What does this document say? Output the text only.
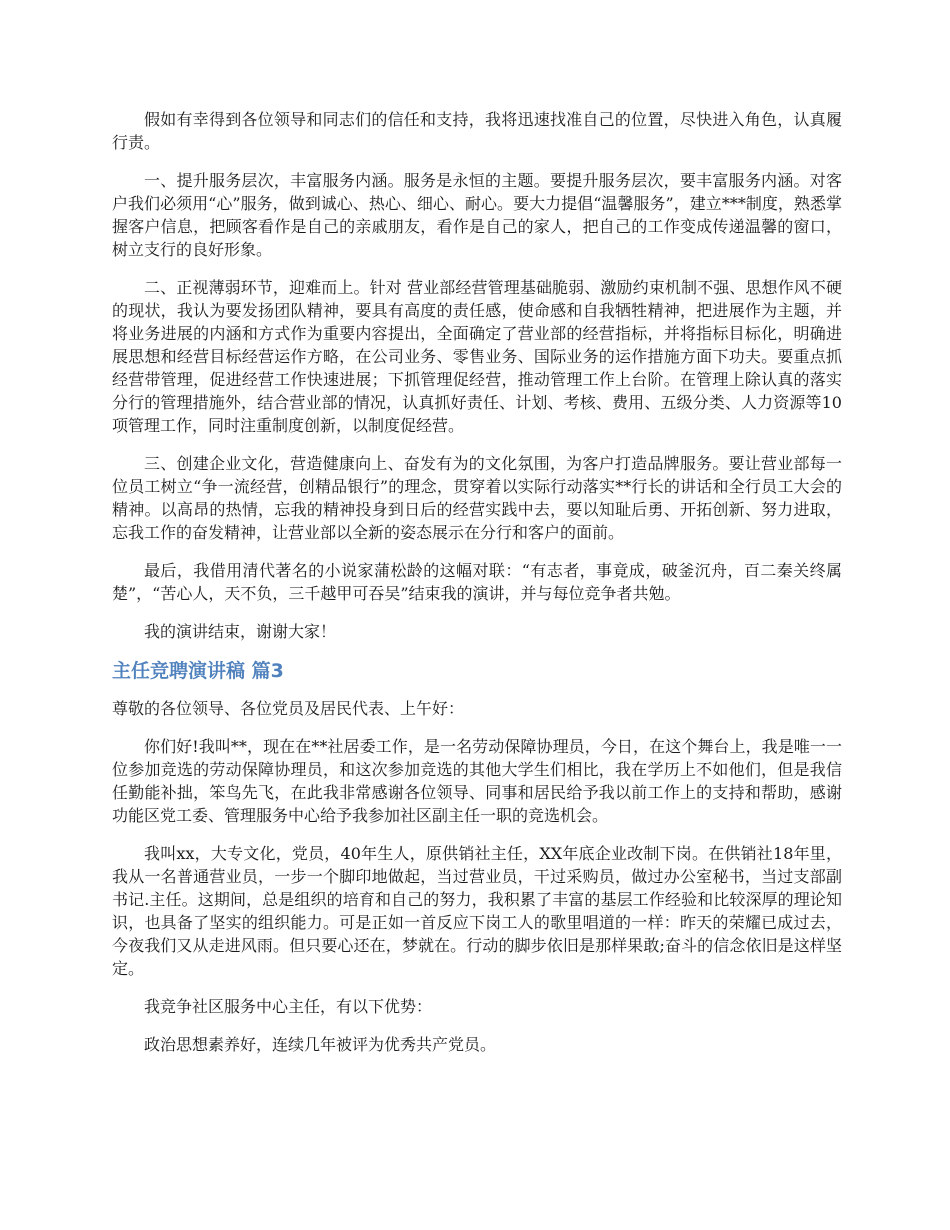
假如有幸得到各位领导和同志们的信任和支持，我将迅速找准自己的位置，尽快进入角色，认真履行责。

一、提升服务层次，丰富服务内涵。服务是永恒的主题。要提升服务层次，要丰富服务内涵。对客户我们必须用“心”服务，做到诚心、热心、细心、耐心。要大力提倡“温馨服务”，建立***制度，熟悉掌握客户信息，把顾客看作是自己的亲戚朋友，看作是自己的家人，把自己的工作变成传递温馨的窗口，树立支行的良好形象。

二、正视薄弱环节，迎难而上。针对 营业部经营管理基础脆弱、激励约束机制不强、思想作风不硬的现状，我认为要发扬团队精神，要具有高度的责任感，使命感和自我牺牲精神，把进展作为主题，并将业务进展的内涵和方式作为重要内容提出，全面确定了营业部的经营指标，并将指标目标化，明确进展思想和经营目标经营运作方略，在公司业务、零售业务、国际业务的运作措施方面下功夫。要重点抓经营带管理，促进经营工作快速进展；下抓管理促经营，推动管理工作上台阶。在管理上除认真的落实分行的管理措施外，结合营业部的情况，认真抓好责任、计划、考核、费用、五级分类、人力资源等10项管理工作，同时注重制度创新，以制度促经营。

三、创建企业文化，营造健康向上、奋发有为的文化氛围，为客户打造品牌服务。要让营业部每一位员工树立“争一流经营，创精品银行”的理念，贯穿着以实际行动落实**行长的讲话和全行员工大会的精神。以高昂的热情，忘我的精神投身到日后的经营实践中去，要以知耻后勇、开拓创新、努力进取，忘我工作的奋发精神，让营业部以全新的姿态展示在分行和客户的面前。

最后，我借用清代著名的小说家蒲松龄的这幅对联：“有志者，事竟成，破釜沉舟，百二秦关终属楚”，“苦心人，天不负，三千越甲可吞吴”结束我的演讲，并与每位竞争者共勉。

我的演讲结束，谢谢大家！

主任竞聘演讲稿 篇3

尊敬的各位领导、各位党员及居民代表、上午好：

你们好!我叫**，现在在**社居委工作，是一名劳动保障协理员，今日，在这个舞台上，我是唯一一位参加竞选的劳动保障协理员，和这次参加竞选的其他大学生们相比，我在学历上不如他们，但是我信任勤能补拙，笨鸟先飞，在此我非常感谢各位领导、同事和居民给予我以前工作上的支持和帮助，感谢功能区党工委、管理服务中心给予我参加社区副主任一职的竞选机会。

我叫xx，大专文化，党员，40年生人，原供销社主任，XX年底企业改制下岗。在供销社18年里，我从一名普通营业员，一步一个脚印地做起，当过营业员，干过采购员，做过办公室秘书，当过支部副书记.主任。这期间，总是组织的培育和自己的努力，我积累了丰富的基层工作经验和比较深厚的理论知识，也具备了坚实的组织能力。可是正如一首反应下岗工人的歌里唱道的一样：昨天的荣耀已成过去，今夜我们又从走进风雨。但只要心还在，梦就在。行动的脚步依旧是那样果敢;奋斗的信念依旧是这样坚定。

我竞争社区服务中心主任，有以下优势：

政治思想素养好，连续几年被评为优秀共产党员。
